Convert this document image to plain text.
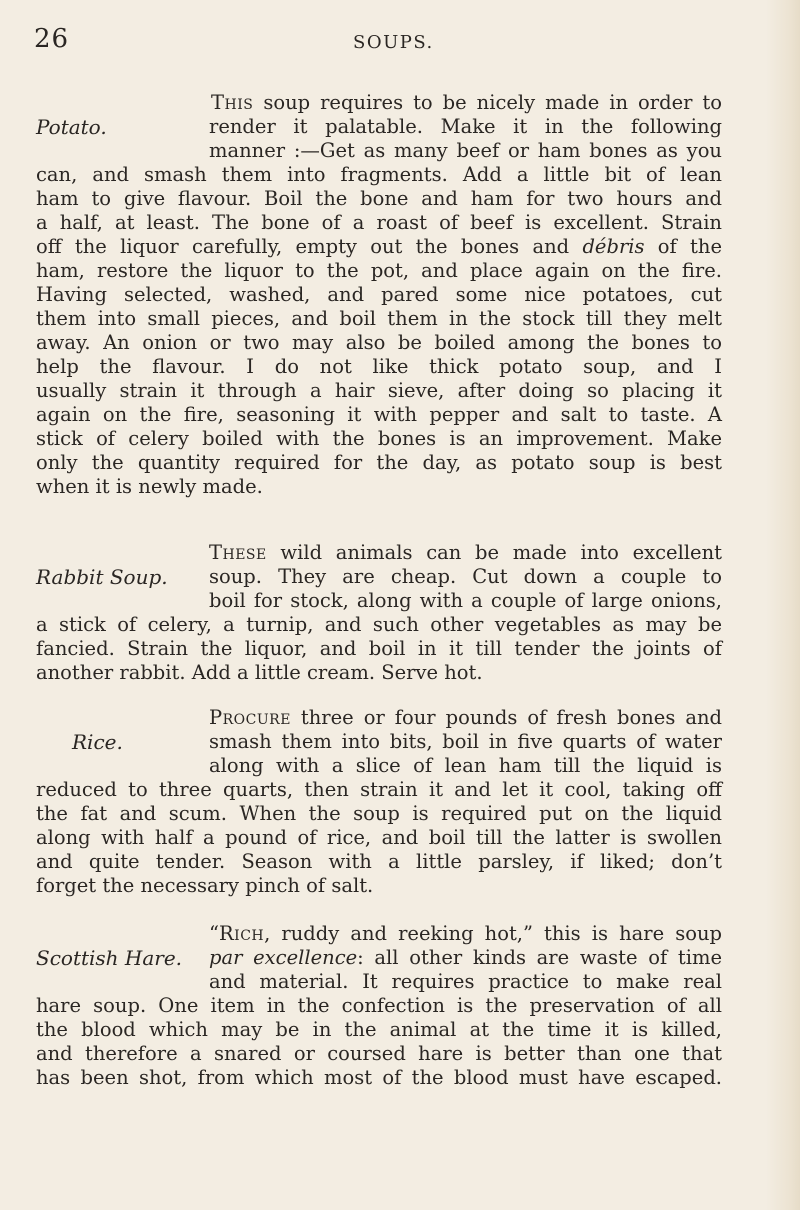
26	SOUPS.
Potato.
This soup requires to be nicely made in order to
render it palatable. Make it in the following
manner :—Get as many beef or ham bones as you
can, and smash them into fragments. Add a little bit of lean
ham to give flavour. Boil the bone and ham for two hours and
a half, at least. The bone of a roast of beef is excellent. Strain
off the liquor carefully, empty out the bones and débris of the
ham, restore the liquor to the pot, and place again on the fire.
Having selected, washed, and pared some nice potatoes, cut
them into small pieces, and boil them in the stock till they melt
away. An onion or two may also be boiled among the bones to
help the flavour. I do not like thick potato soup, and I
usually strain it through a hair sieve, after doing so placing it
again on the fire, seasoning it with pepper and salt to taste. A
stick of celery boiled with the bones is an improvement. Make
only the quantity required for the day, as potato soup is best
when it is newly made.
Rabbit Soup.
These wild animals can be made into excellent
soup. They are cheap. Cut down a couple to
boil for stock, along with a couple of large onions,
a stick of celery, a turnip, and such other vegetables as may be
fancied. Strain the liquor, and boil in it till tender the joints of
another rabbit. Add a little cream. Serve hot.
Rice.
Procure three or four pounds of fresh bones and
smash them into bits, boil in five quarts of water
along with a slice of lean ham till the liquid is
reduced to three quarts, then strain it and let it cool, taking off
the fat and scum. When the soup is required put on the liquid
along with half a pound of rice, and boil till the latter is swollen
and quite tender. Season with a little parsley, if liked; don’t
forget the necessary pinch of salt.
Scottish Hare.
“Rich, ruddy and reeking hot,” this is hare soup
par excellence: all other kinds are waste of time
and material. It requires practice to make real
hare soup. One item in the confection is the preservation of all
the blood which may be in the animal at the time it is killed,
and therefore a snared or coursed hare is better than one that
has been shot, from which most of the blood must have escaped.
